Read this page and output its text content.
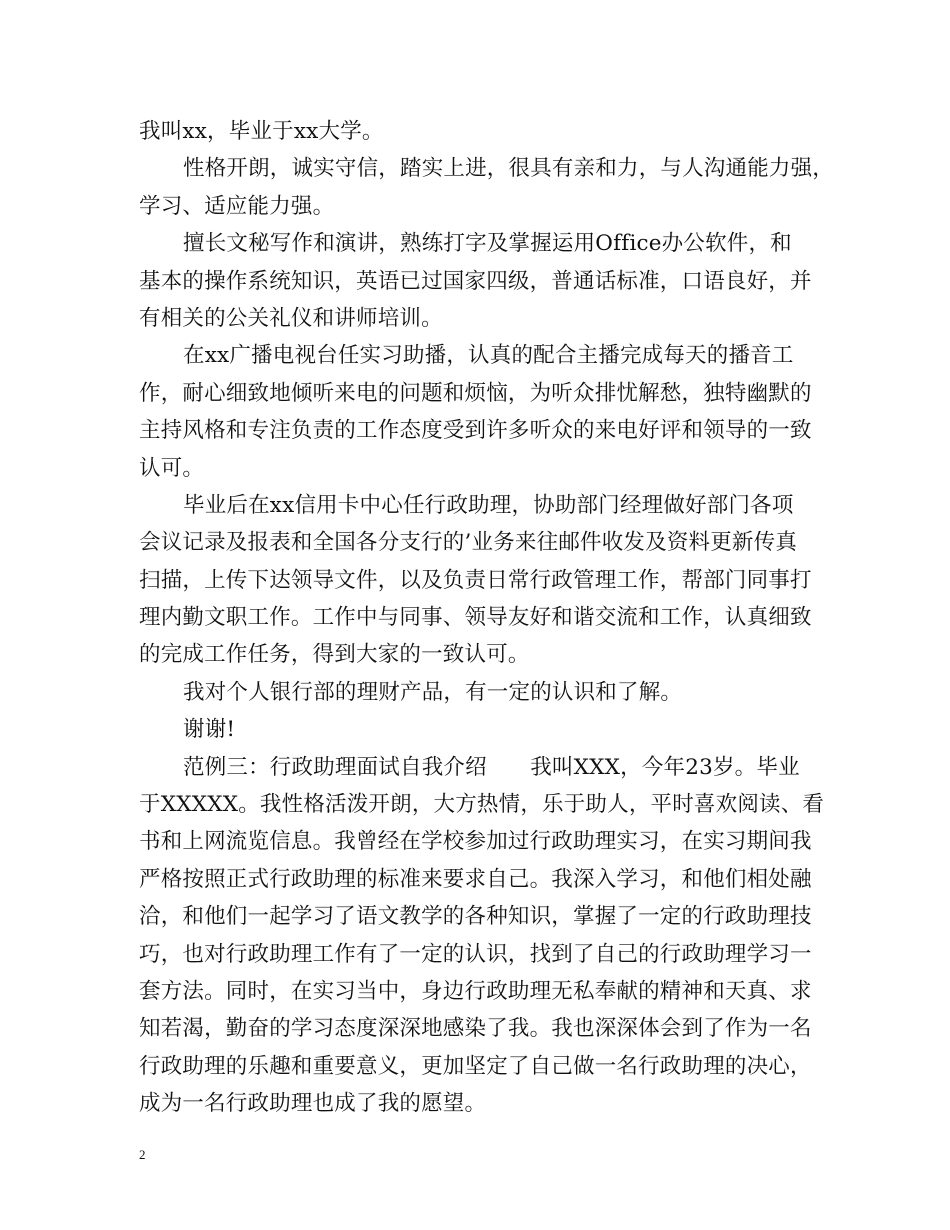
我叫xx，毕业于xx大学。
性格开朗，诚实守信，踏实上进，很具有亲和力，与人沟通能力强，
学习、适应能力强。
擅长文秘写作和演讲，熟练打字及掌握运用Office办公软件，和
基本的操作系统知识，英语已过国家四级，普通话标准，口语良好，并
有相关的公关礼仪和讲师培训。
在xx广播电视台任实习助播，认真的配合主播完成每天的播音工
作，耐心细致地倾听来电的问题和烦恼，为听众排忧解愁，独特幽默的
主持风格和专注负责的工作态度受到许多听众的来电好评和领导的一致
认可。
毕业后在xx信用卡中心任行政助理，协助部门经理做好部门各项
会议记录及报表和全国各分支行的’业务来往邮件收发及资料更新传真
扫描，上传下达领导文件，以及负责日常行政管理工作，帮部门同事打
理内勤文职工作。工作中与同事、领导友好和谐交流和工作，认真细致
的完成工作任务，得到大家的一致认可。
我对个人银行部的理财产品，有一定的认识和了解。
谢谢!
范例三：行政助理面试自我介绍　　我叫XXX，今年23岁。毕业
于XXXXX。我性格活泼开朗，大方热情，乐于助人，平时喜欢阅读、看
书和上网流览信息。我曾经在学校参加过行政助理实习，在实习期间我
严格按照正式行政助理的标准来要求自己。我深入学习，和他们相处融
洽，和他们一起学习了语文教学的各种知识，掌握了一定的行政助理技
巧，也对行政助理工作有了一定的认识，找到了自己的行政助理学习一
套方法。同时，在实习当中，身边行政助理无私奉献的精神和天真、求
知若渴，勤奋的学习态度深深地感染了我。我也深深体会到了作为一名
行政助理的乐趣和重要意义，更加坚定了自己做一名行政助理的决心，
成为一名行政助理也成了我的愿望。
2
